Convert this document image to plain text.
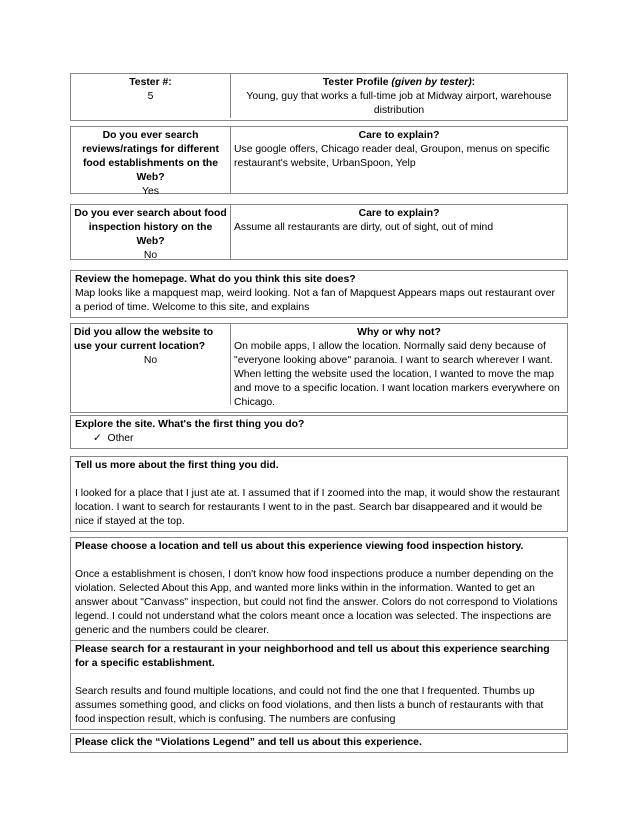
Tester #:
5
Tester Profile (given by tester):
Young, guy that works a full-time job at Midway airport, warehouse distribution
Do you ever search reviews/ratings for different food establishments on the Web?
Yes
Care to explain?
Use google offers, Chicago reader deal, Groupon, menus on specific restaurant's website, UrbanSpoon, Yelp
Do you ever search about food inspection history on the Web?
No
Care to explain?
Assume all restaurants are dirty, out of sight, out of mind

Review the homepage. What do you think this site does?

Map looks like a mapquest map, weird looking. Not a fan of Mapquest Appears maps out restaurant over a period of time. Welcome to this site, and explains

Did you allow the website to use your current location?
No
Why or why not?
On mobile apps, I allow the location. Normally said deny because of "everyone looking above" paranoia. I want to search wherever I want. When letting the website used the location, I wanted to move the map and move to a specific location. I want location markers everywhere on Chicago.

Explore the site. What's the first thing you do?

✓ Other

Tell us more about the first thing you did.

I looked for a place that I just ate at. I assumed that if I zoomed into the map, it would show the restaurant location. I want to search for restaurants I went to in the past. Search bar disappeared and it would be nice if stayed at the top.

Please choose a location and tell us about this experience viewing food inspection history.

Once a establishment is chosen, I don't know how food inspections produce a number depending on the violation. Selected About this App, and wanted more links within in the information. Wanted to get an answer about "Canvass" inspection, but could not find the answer. Colors do not correspond to Violations legend. I could not understand what the colors meant once a location was selected. The inspections are generic and the numbers could be clearer.

Please search for a restaurant in your neighborhood and tell us about this experience searching for a specific establishment.

Search results and found multiple locations, and could not find the one that I frequented. Thumbs up assumes something good, and clicks on food violations, and then lists a bunch of restaurants with that food inspection result, which is confusing. The numbers are confusing

Please click the “Violations Legend” and tell us about this experience.
